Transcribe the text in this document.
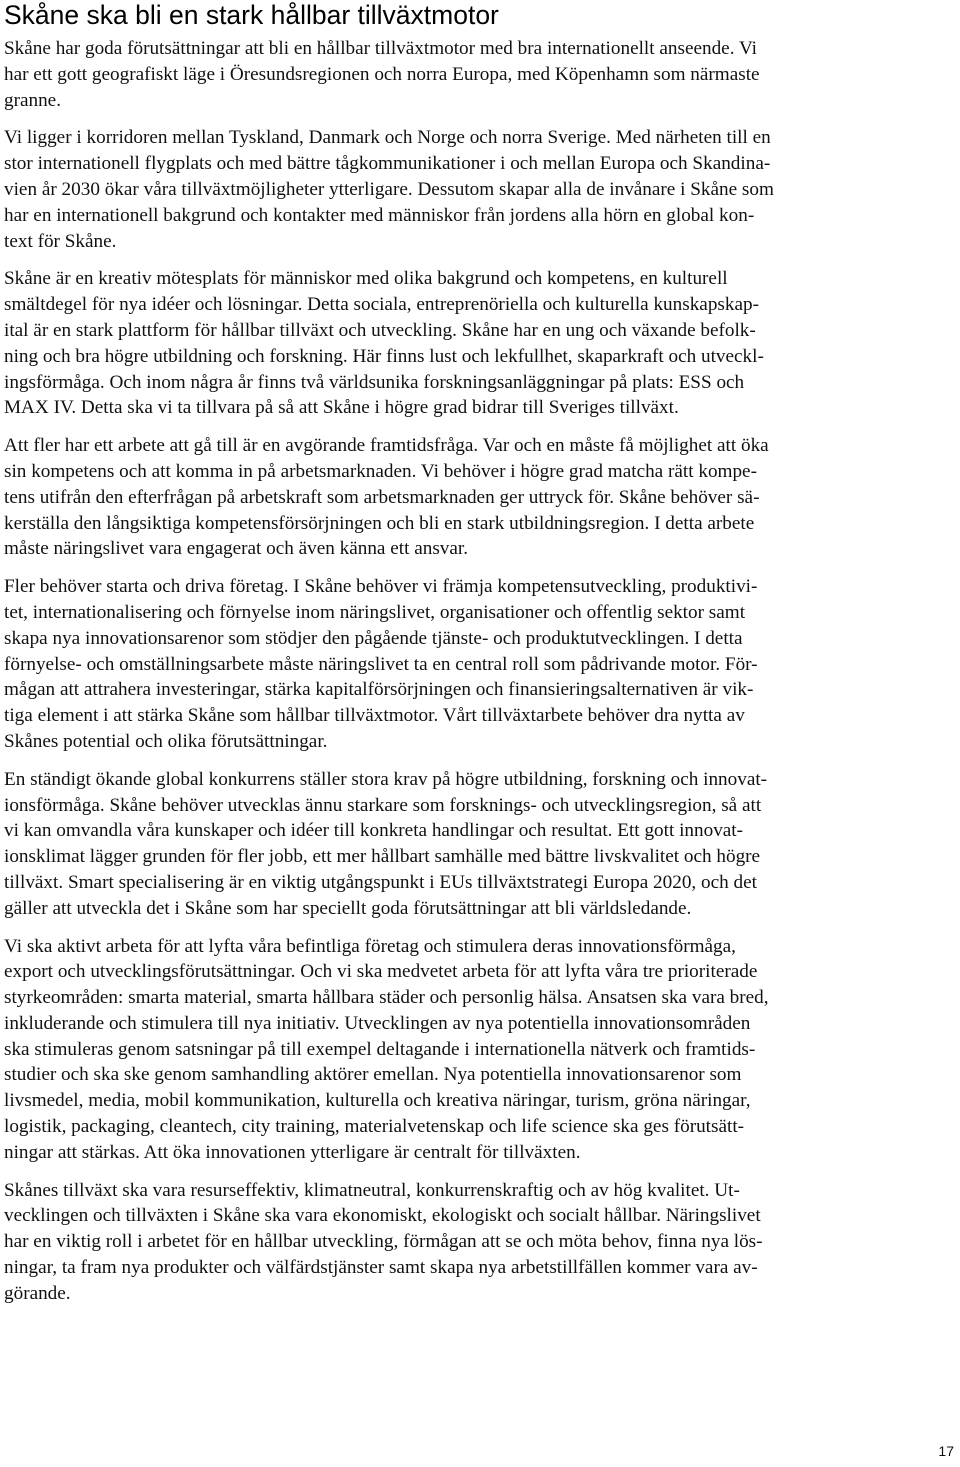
Skåne ska bli en stark hållbar tillväxtmotor
Skåne har goda förutsättningar att bli en hållbar tillväxtmotor med bra internationellt anseende. Vi
har ett gott geografiskt läge i Öresundsregionen och norra Europa, med Köpenhamn som närmaste
granne.
Vi ligger i korridoren mellan Tyskland, Danmark och Norge och norra Sverige. Med närheten till en
stor internationell flygplats och med bättre tågkommunikationer i och mellan Europa och Skandina-
vien år 2030 ökar våra tillväxtmöjligheter ytterligare. Dessutom skapar alla de invånare i Skåne som
har en internationell bakgrund och kontakter med människor från jordens alla hörn en global kon-
text för Skåne.
Skåne är en kreativ mötesplats för människor med olika bakgrund och kompetens, en kulturell
smältdegel för nya idéer och lösningar. Detta sociala, entreprenöriella och kulturella kunskapskap-
ital är en stark plattform för hållbar tillväxt och utveckling. Skåne har en ung och växande befolk-
ning och bra högre utbildning och forskning. Här finns lust och lekfullhet, skaparkraft och utveckl-
ingsförmåga. Och inom några år finns två världsunika forskningsanläggningar på plats: ESS och
MAX IV. Detta ska vi ta tillvara på så att Skåne i högre grad bidrar till Sveriges tillväxt.
Att fler har ett arbete att gå till är en avgörande framtidsfråga. Var och en måste få möjlighet att öka
sin kompetens och att komma in på arbetsmarknaden. Vi behöver i högre grad matcha rätt kompe-
tens utifrån den efterfrågan på arbetskraft som arbetsmarknaden ger uttryck för. Skåne behöver sä-
kerställa den långsiktiga kompetensförsörjningen och bli en stark utbildningsregion. I detta arbete
måste näringslivet vara engagerat och även känna ett ansvar.
Fler behöver starta och driva företag. I Skåne behöver vi främja kompetensutveckling, produktivi-
tet, internationalisering och förnyelse inom näringslivet, organisationer och offentlig sektor samt
skapa nya innovationsarenor som stödjer den pågående tjänste- och produktutvecklingen. I detta
förnyelse- och omställningsarbete måste näringslivet ta en central roll som pådrivande motor. För-
mågan att attrahera investeringar, stärka kapitalförsörjningen och finansieringsalternativen är vik-
tiga element i att stärka Skåne som hållbar tillväxtmotor. Vårt tillväxtarbete behöver dra nytta av
Skånes potential och olika förutsättningar.
En ständigt ökande global konkurrens ställer stora krav på högre utbildning, forskning och innovat-
ionsförmåga. Skåne behöver utvecklas ännu starkare som forsknings- och utvecklingsregion, så att
vi kan omvandla våra kunskaper och idéer till konkreta handlingar och resultat. Ett gott innovat-
ionsklimat lägger grunden för fler jobb, ett mer hållbart samhälle med bättre livskvalitet och högre
tillväxt. Smart specialisering är en viktig utgångspunkt i EUs tillväxtstrategi Europa 2020, och det
gäller att utveckla det i Skåne som har speciellt goda förutsättningar att bli världsledande.
Vi ska aktivt arbeta för att lyfta våra befintliga företag och stimulera deras innovationsförmåga,
export och utvecklingsförutsättningar. Och vi ska medvetet arbeta för att lyfta våra tre prioriterade
styrkeområden: smarta material, smarta hållbara städer och personlig hälsa. Ansatsen ska vara bred,
inkluderande och stimulera till nya initiativ. Utvecklingen av nya potentiella innovationsområden
ska stimuleras genom satsningar på till exempel deltagande i internationella nätverk och framtids-
studier och ska ske genom samhandling aktörer emellan. Nya potentiella innovationsarenor som
livsmedel, media, mobil kommunikation, kulturella och kreativa näringar, turism, gröna näringar,
logistik, packaging, cleantech, city training, materialvetenskap och life science ska ges förutsätt-
ningar att stärkas. Att öka innovationen ytterligare är centralt för tillväxten.
Skånes tillväxt ska vara resurseffektiv, klimatneutral, konkurrenskraftig och av hög kvalitet. Ut-
vecklingen och tillväxten i Skåne ska vara ekonomiskt, ekologiskt och socialt hållbar. Näringslivet
har en viktig roll i arbetet för en hållbar utveckling, förmågan att se och möta behov, finna nya lös-
ningar, ta fram nya produkter och välfärdstjänster samt skapa nya arbetstillfällen kommer vara av-
görande.
17
